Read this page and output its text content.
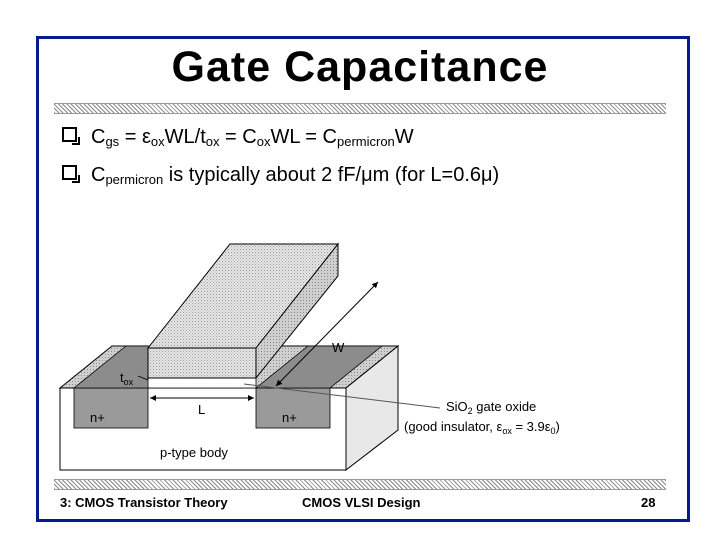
Gate Capacitance
$C_{gs} = \varepsilon_{ox}WL/t_{ox} = C_{ox}WL = C_{permicron}W$
$C_{permicron}$ is typically about 2 fF/μm (for L=0.6μ)
W
$t_{ox}$
L
n+	n+
p-type body
SiO$_2$ gate oxide
(good insulator, $\varepsilon_{ox} = 3.9\varepsilon_0$)
3: CMOS Transistor Theory	CMOS VLSI Design	28
